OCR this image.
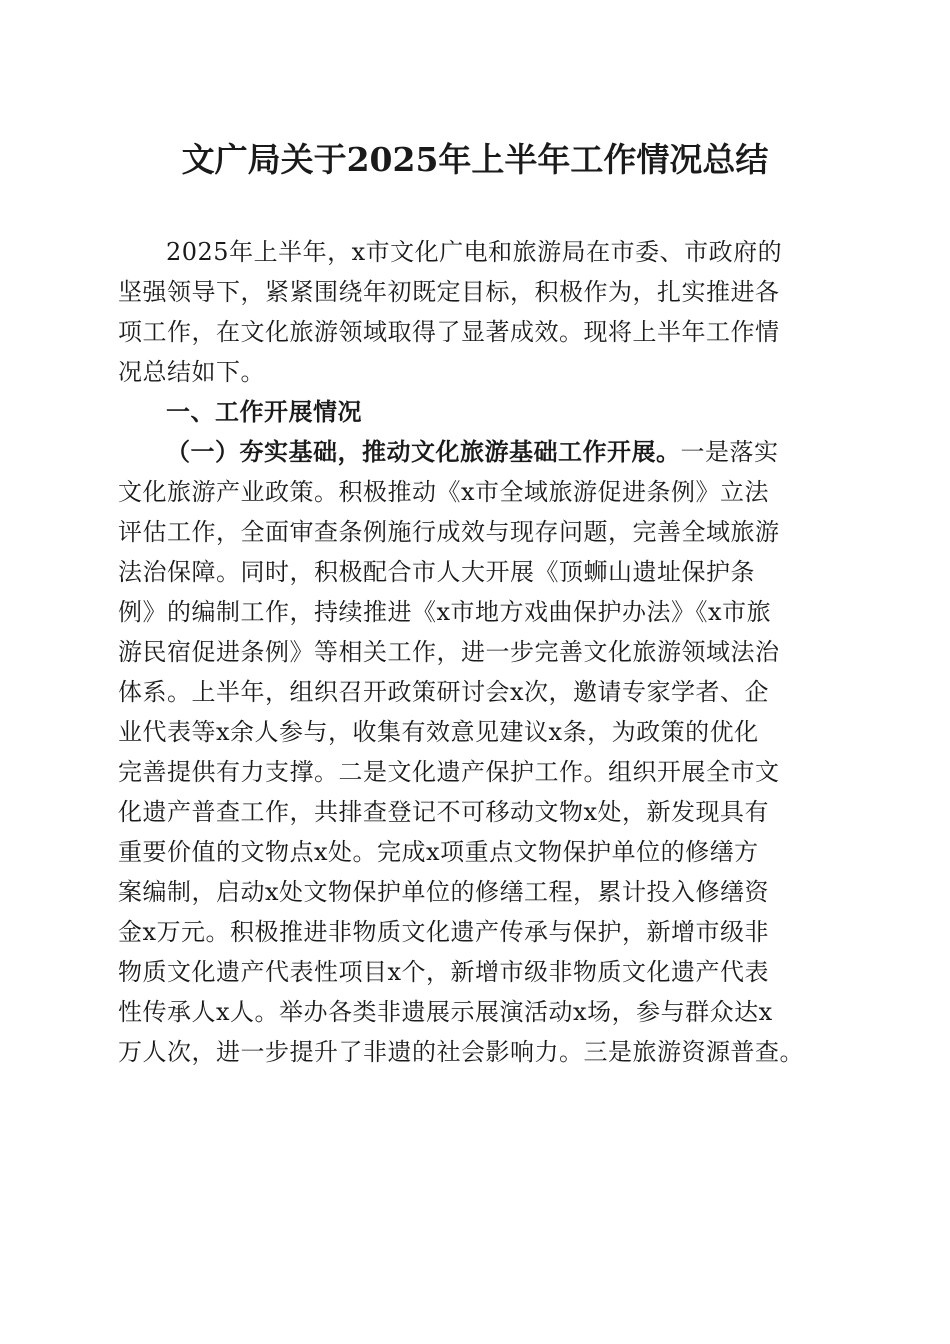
文广局关于2025年上半年工作情况总结

2025年上半年，x市文化广电和旅游局在市委、市政府的

坚强领导下，紧紧围绕年初既定目标，积极作为，扎实推进各

项工作，在文化旅游领域取得了显著成效。现将上半年工作情

况总结如下。

一、工作开展情况

（一）夯实基础，推动文化旅游基础工作开展。一是落实

文化旅游产业政策。积极推动《x市全域旅游促进条例》立法

评估工作，全面审查条例施行成效与现存问题，完善全域旅游

法治保障。同时，积极配合市人大开展《顶蛳山遗址保护条

例》的编制工作，持续推进《x市地方戏曲保护办法》《x市旅

游民宿促进条例》等相关工作，进一步完善文化旅游领域法治

体系。上半年，组织召开政策研讨会x次，邀请专家学者、企

业代表等x余人参与，收集有效意见建议x条，为政策的优化

完善提供有力支撑。二是文化遗产保护工作。组织开展全市文

化遗产普查工作，共排查登记不可移动文物x处，新发现具有

重要价值的文物点x处。完成x项重点文物保护单位的修缮方

案编制，启动x处文物保护单位的修缮工程，累计投入修缮资

金x万元。积极推进非物质文化遗产传承与保护，新增市级非

物质文化遗产代表性项目x个，新增市级非物质文化遗产代表

性传承人x人。举办各类非遗展示展演活动x场，参与群众达x

万人次，进一步提升了非遗的社会影响力。三是旅游资源普查。
